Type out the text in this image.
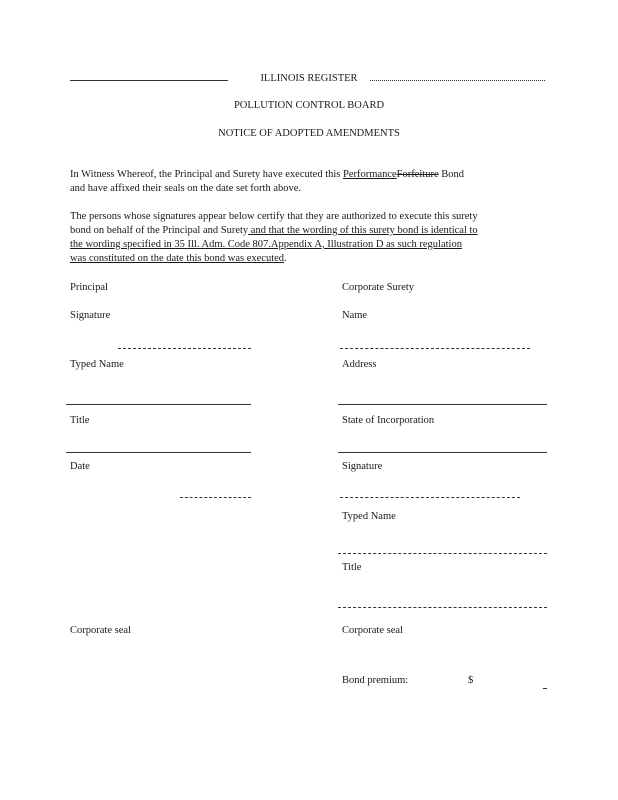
ILLINOIS REGISTER
POLLUTION CONTROL BOARD
NOTICE OF ADOPTED AMENDMENTS

In Witness Whereof, the Principal and Surety have executed this PerformanceForfeiture Bond

and have affixed their seals on the date set forth above.

The persons whose signatures appear below certify that they are authorized to execute this surety

bond on behalf of the Principal and Surety and that the wording of this surety bond is identical to

the wording specified in 35 Ill. Adm. Code 807.Appendix A, Illustration D as such regulation

was constituted on the date this bond was executed.

Principal
Signature
Typed Name
Title
Date
Corporate seal
Corporate Surety
Name
Address
State of Incorporation
Signature
Typed Name
Title
Corporate seal
Bond premium:	$
